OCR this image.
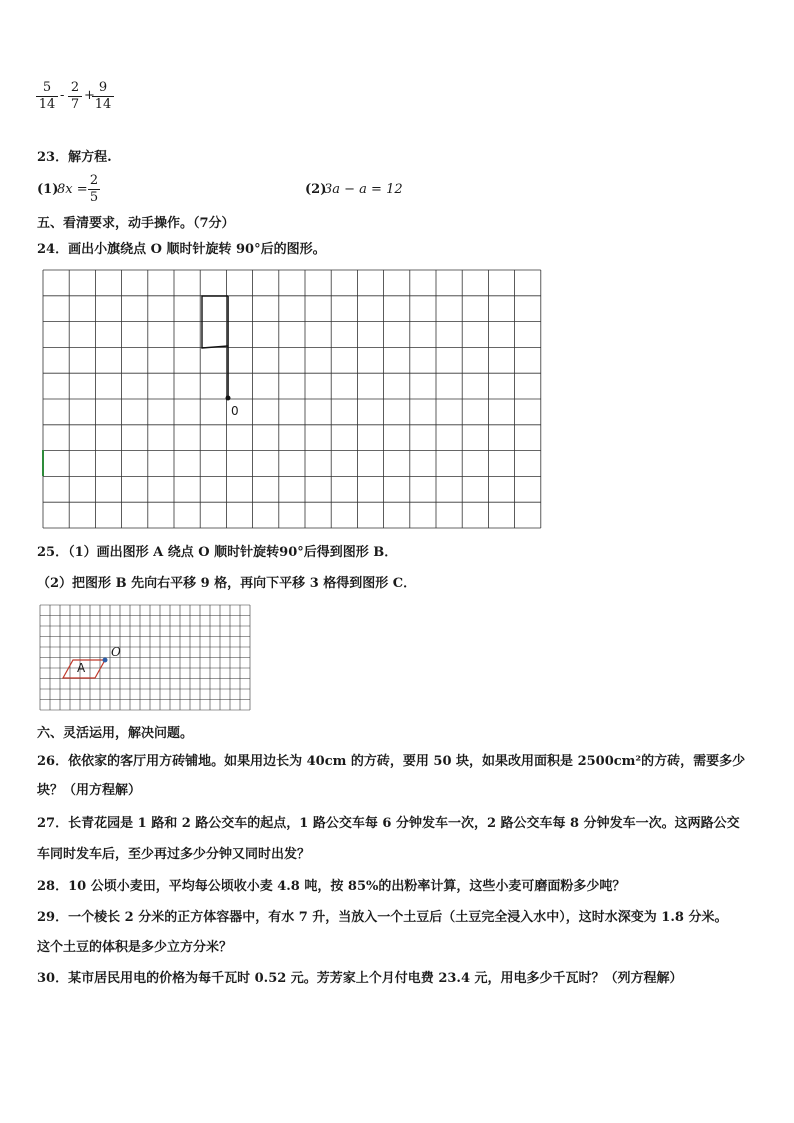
5
14
-
2
7
+
9
14
23．解方程.
(1)
8x =
2
5
(2)
3a − a = 12
五、看清要求，动手操作。（7分）
24．画出小旗绕点 O 顺时针旋转 90°后的图形。
0
25．（1）画出图形 A 绕点 O 顺时针旋转90°后得到图形 B．
（2）把图形 B 先向右平移 9 格，再向下平移 3 格得到图形 C．
A
O
六、灵活运用，解决问题。
26．依依家的客厅用方砖铺地。如果用边长为 40cm 的方砖，要用 50 块，如果改用面积是 2500cm²的方砖，需要多少
块？（用方程解）
27．长青花园是 1 路和 2 路公交车的起点，1 路公交车每 6 分钟发车一次，2 路公交车每 8 分钟发车一次。这两路公交
车同时发车后，至少再过多少分钟又同时出发？
28．10 公顷小麦田，平均每公顷收小麦 4.8 吨，按 85%的出粉率计算，这些小麦可磨面粉多少吨？
29．一个棱长 2 分米的正方体容器中，有水 7 升，当放入一个土豆后（土豆完全浸入水中），这时水深变为 1.8 分米。
这个土豆的体积是多少立方分米？
30．某市居民用电的价格为每千瓦时 0.52 元。芳芳家上个月付电费 23.4 元，用电多少千瓦时？（列方程解）
